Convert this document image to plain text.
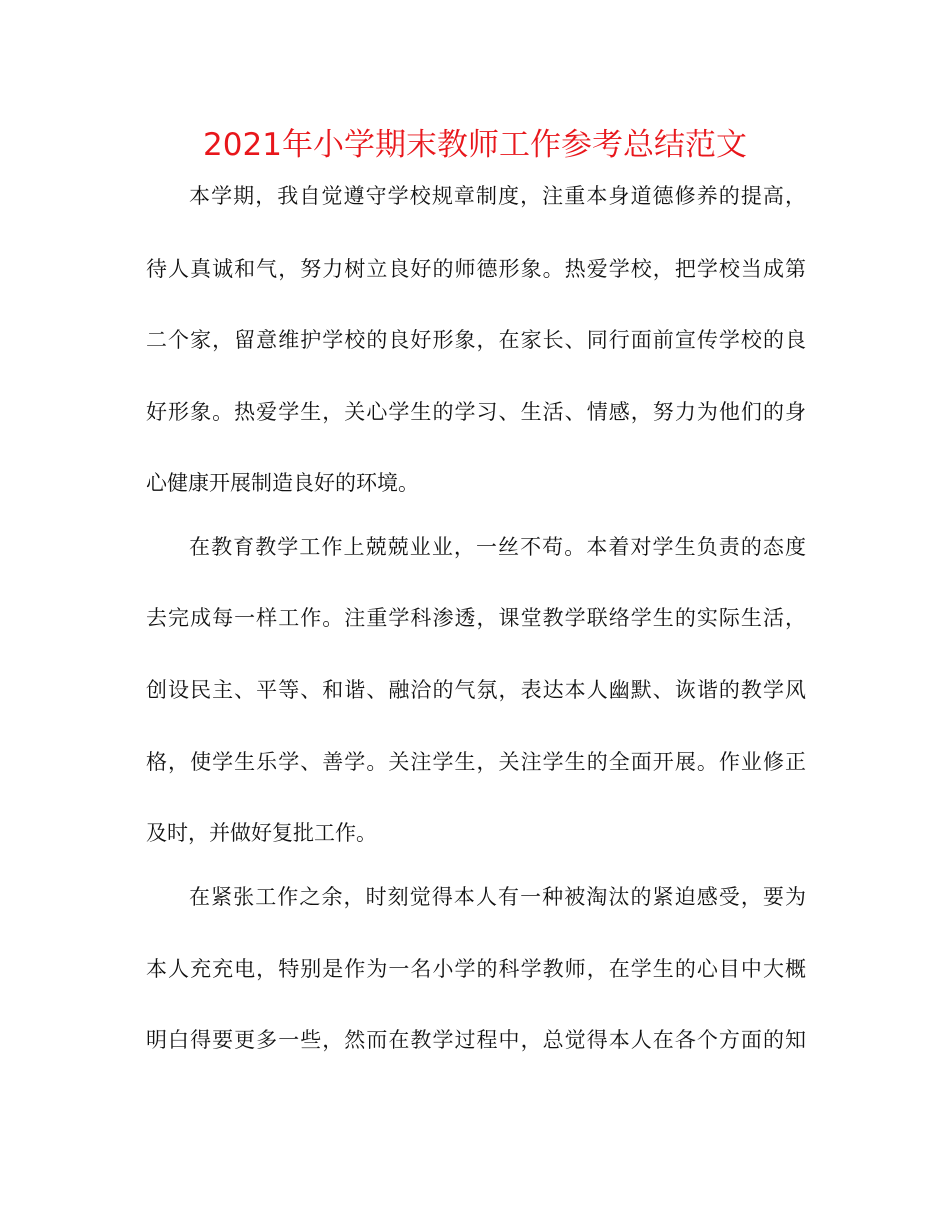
2021年小学期末教师工作参考总结范文

本学期，我自觉遵守学校规章制度，注重本身道德修养的提高，

待人真诚和气，努力树立良好的师德形象。热爱学校，把学校当成第

二个家，留意维护学校的良好形象，在家长、同行面前宣传学校的良

好形象。热爱学生，关心学生的学习、生活、情感，努力为他们的身

心健康开展制造良好的环境。

在教育教学工作上兢兢业业，一丝不苟。本着对学生负责的态度

去完成每一样工作。注重学科渗透，课堂教学联络学生的实际生活，

创设民主、平等、和谐、融洽的气氛，表达本人幽默、诙谐的教学风

格，使学生乐学、善学。关注学生，关注学生的全面开展。作业修正

及时，并做好复批工作。

在紧张工作之余，时刻觉得本人有一种被淘汰的紧迫感受，要为

本人充充电，特别是作为一名小学的科学教师，在学生的心目中大概

明白得要更多一些，然而在教学过程中，总觉得本人在各个方面的知
